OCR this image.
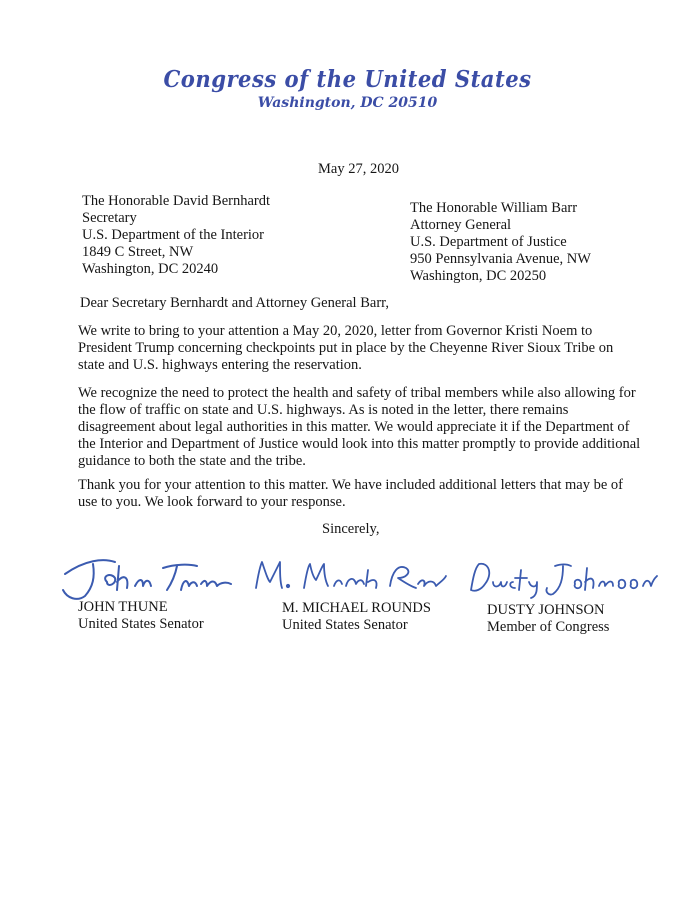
Congress of the United States
Washington, DC 20510
May 27, 2020
The Honorable David Bernhardt
Secretary
U.S. Department of the Interior
1849 C Street, NW
Washington, DC 20240
The Honorable William Barr
Attorney General
U.S. Department of Justice
950 Pennsylvania Avenue, NW
Washington, DC 20250
Dear Secretary Bernhardt and Attorney General Barr,
We write to bring to your attention a May 20, 2020, letter from Governor Kristi Noem to
President Trump concerning checkpoints put in place by the Cheyenne River Sioux Tribe on
state and U.S. highways entering the reservation.
We recognize the need to protect the health and safety of tribal members while also allowing for
the flow of traffic on state and U.S. highways. As is noted in the letter, there remains
disagreement about legal authorities in this matter. We would appreciate it if the Department of
the Interior and Department of Justice would look into this matter promptly to provide additional
guidance to both the state and the tribe.
Thank you for your attention to this matter. We have included additional letters that may be of
use to you. We look forward to your response.
Sincerely,
JOHN THUNE
United States Senator
M. MICHAEL ROUNDS
United States Senator
DUSTY JOHNSON
Member of Congress
